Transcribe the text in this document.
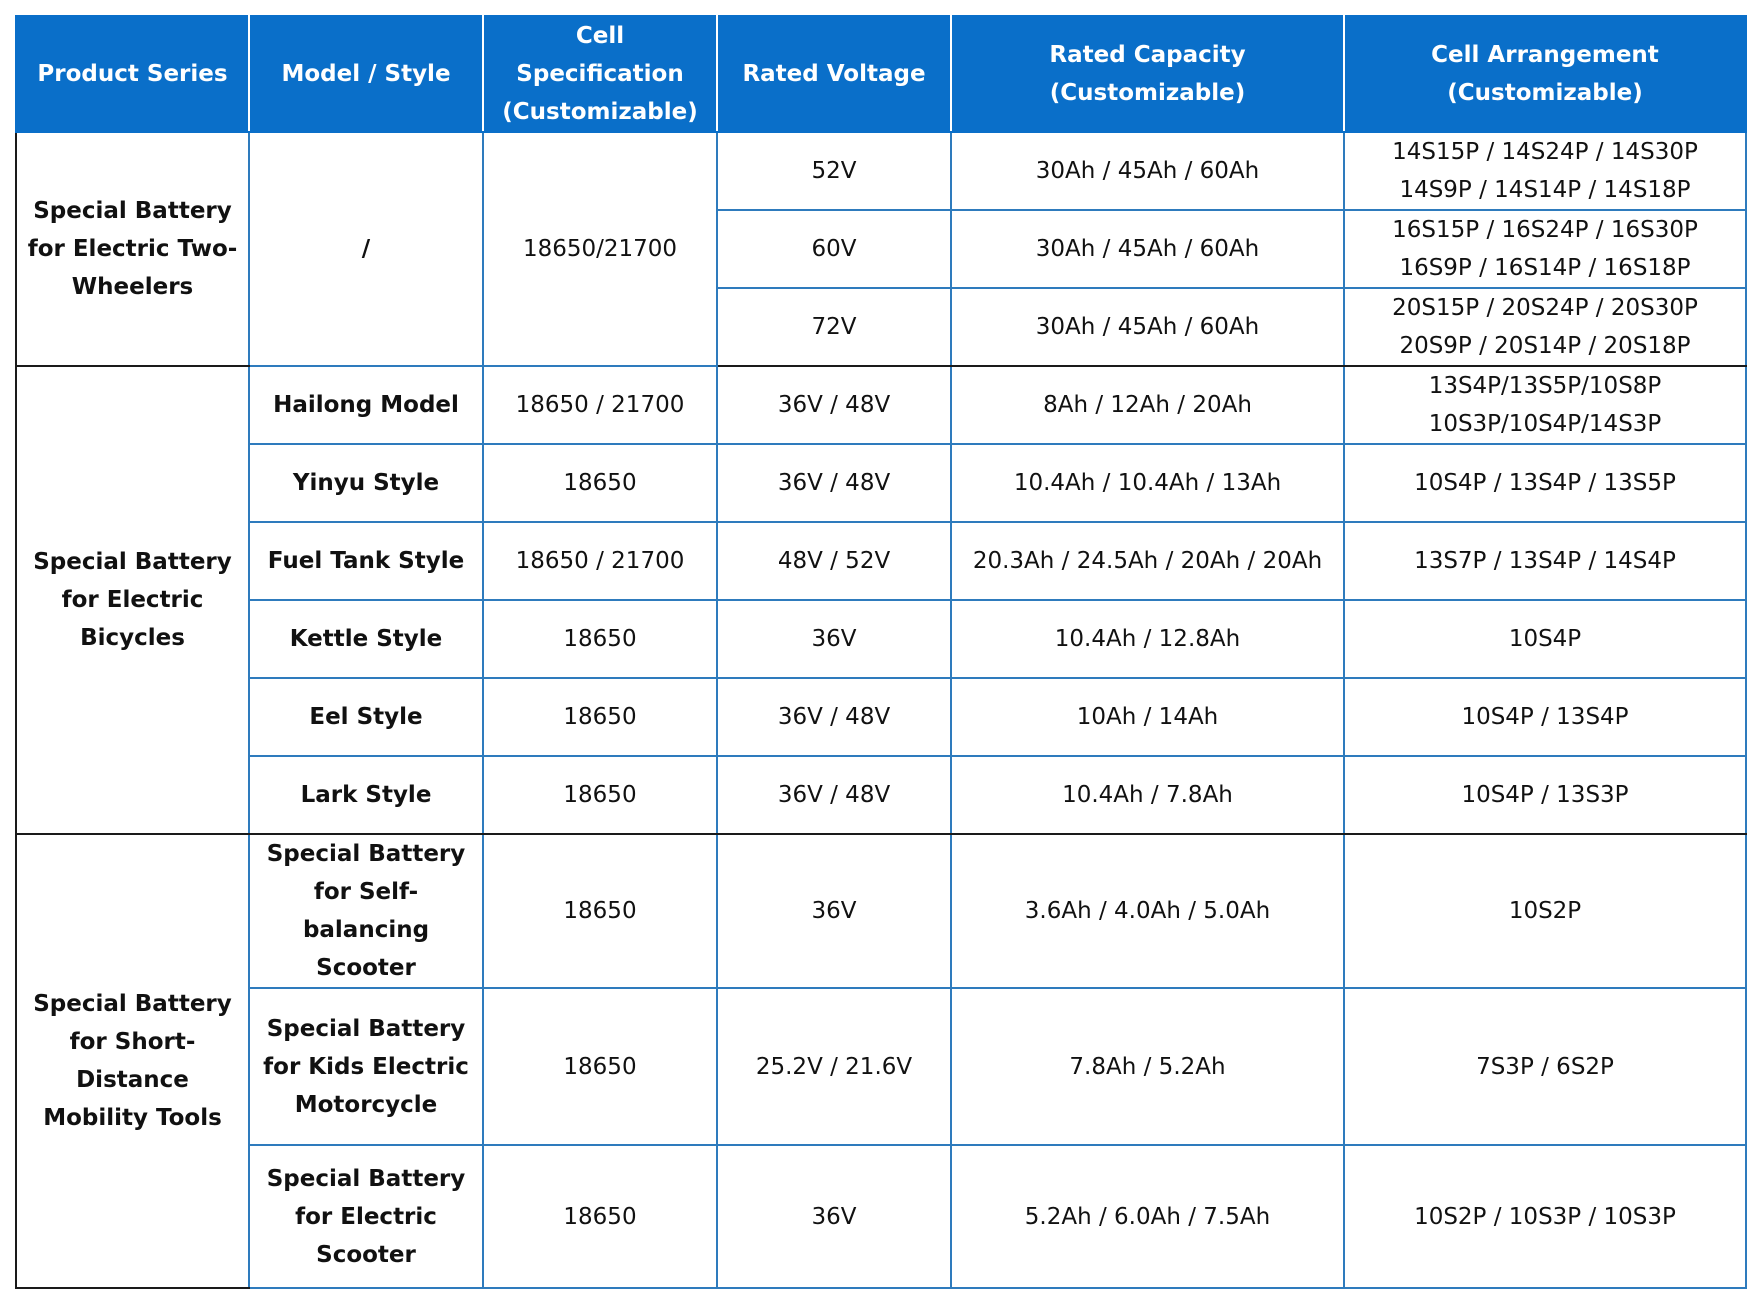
Product Series	Model / Style	Cell Specification (Customizable)	Rated Voltage	Rated Capacity (Customizable)	Cell Arrangement (Customizable)
Special Battery for Electric Two-Wheelers	/	18650/21700	52V	30Ah / 45Ah / 60Ah	14S15P / 14S24P / 14S30P
14S9P / 14S14P / 14S18P

			60V	30Ah / 45Ah / 60Ah	16S15P / 16S24P / 16S30P
16S9P / 16S14P / 16S18P

			72V	30Ah / 45Ah / 60Ah	20S15P / 20S24P / 20S30P
20S9P / 20S14P / 20S18P

Special Battery for Electric Bicycles	Hailong Model	18650 / 21700	36V / 48V	8Ah / 12Ah / 20Ah	13S4P/13S5P/10S8P
10S3P/10S4P/14S3P

	Yinyu Style	18650	36V / 48V	10.4Ah / 10.4Ah / 13Ah	10S4P / 13S4P / 13S5P
	Fuel Tank Style	18650 / 21700	48V / 52V	20.3Ah / 24.5Ah / 20Ah / 20Ah	13S7P / 13S4P / 14S4P
	Kettle Style	18650	36V	10.4Ah / 12.8Ah	10S4P
	Eel Style	18650	36V / 48V	10Ah / 14Ah	10S4P / 13S4P
	Lark Style	18650	36V / 48V	10.4Ah / 7.8Ah	10S4P / 13S3P
Special Battery for Short-Distance Mobility Tools	Special Battery for Self-balancing Scooter	18650	36V	3.6Ah / 4.0Ah / 5.0Ah	10S2P
	Special Battery for Kids Electric Motorcycle	18650	25.2V / 21.6V	7.8Ah / 5.2Ah	7S3P / 6S2P
	Special Battery for Electric Scooter	18650	36V	5.2Ah / 6.0Ah / 7.5Ah	10S2P / 10S3P / 10S3P
